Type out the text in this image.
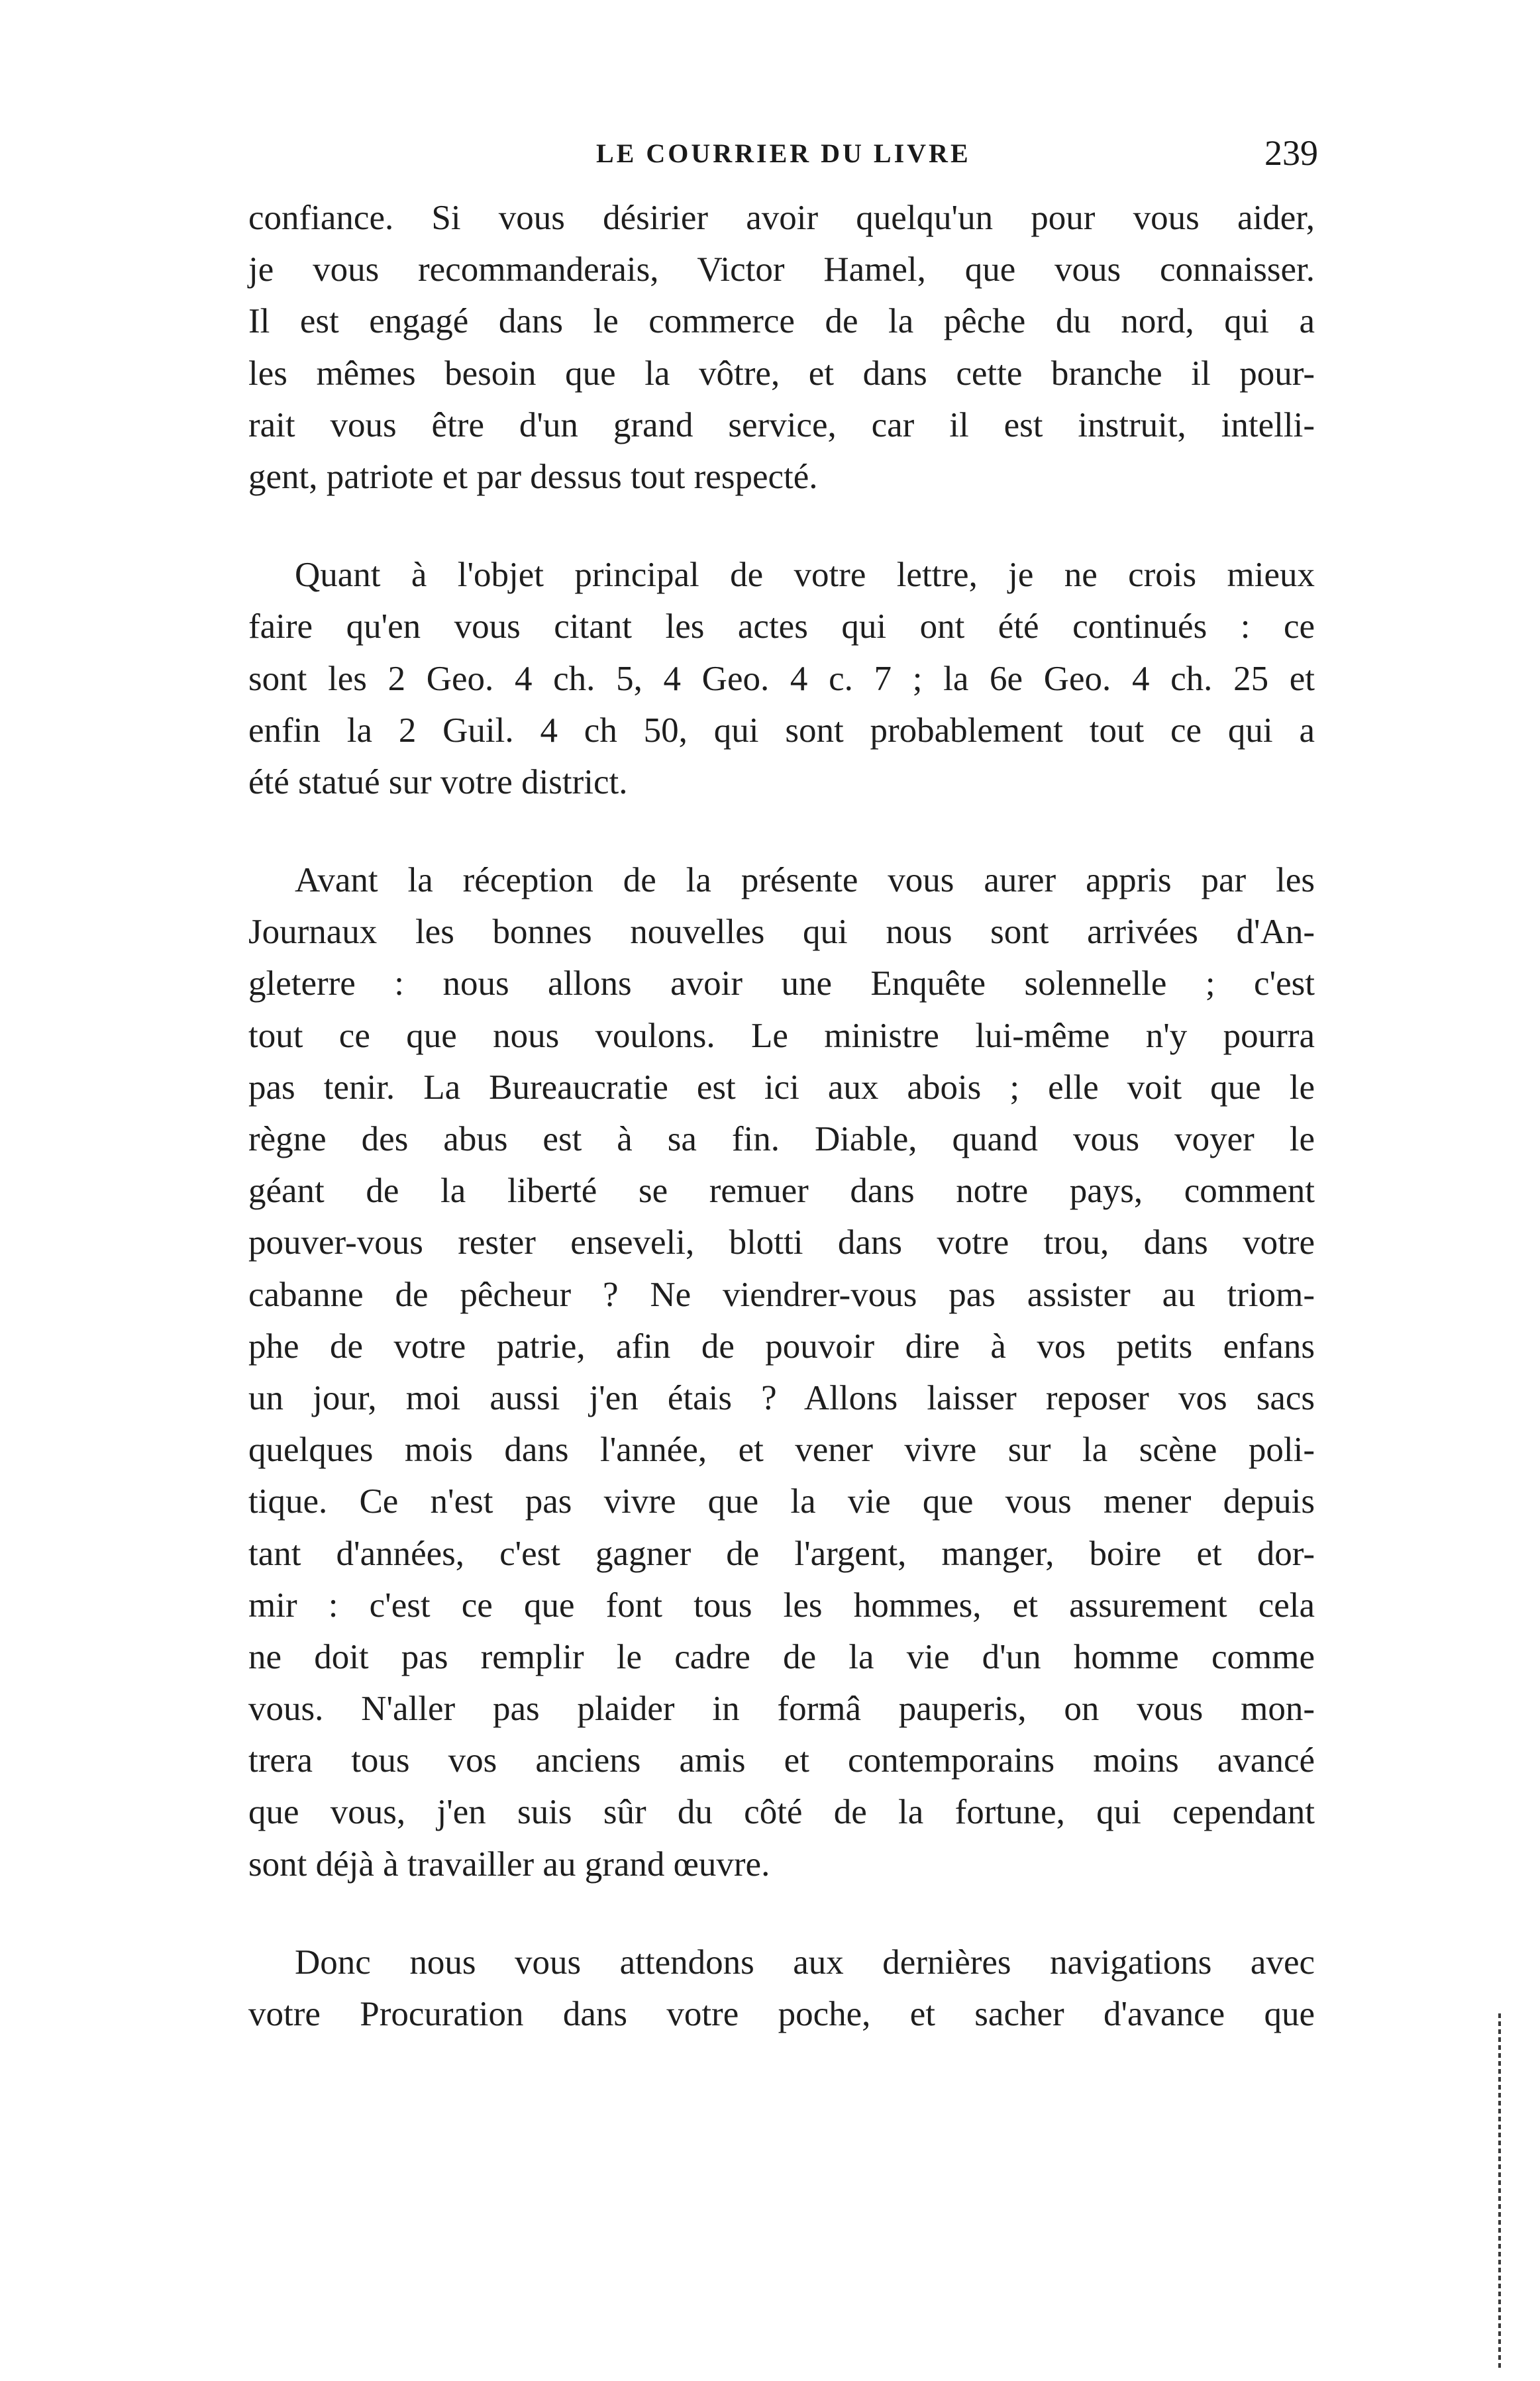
LE COURRIER DU LIVRE	239
confiance. Si vous désirier avoir quelqu'un pour vous aider,
je vous recommanderais, Victor Hamel, que vous connaisser.
Il est engagé dans le commerce de la pêche du nord, qui a
les mêmes besoin que la vôtre, et dans cette branche il pour-
rait vous être d'un grand service, car il est instruit, intelli-
gent, patriote et par dessus tout respecté.
Quant à l'objet principal de votre lettre, je ne crois mieux
faire qu'en vous citant les actes qui ont été continués : ce
sont les 2 Geo. 4 ch. 5, 4 Geo. 4 c. 7 ; la 6e Geo. 4 ch. 25 et
enfin la 2 Guil. 4 ch 50, qui sont probablement tout ce qui a
été statué sur votre district.
Avant la réception de la présente vous aurer appris par les
Journaux les bonnes nouvelles qui nous sont arrivées d'An-
gleterre : nous allons avoir une Enquête solennelle ; c'est
tout ce que nous voulons. Le ministre lui-même n'y pourra
pas tenir. La Bureaucratie est ici aux abois ; elle voit que le
règne des abus est à sa fin. Diable, quand vous voyer le
géant de la liberté se remuer dans notre pays, comment
pouver-vous rester enseveli, blotti dans votre trou, dans votre
cabanne de pêcheur ? Ne viendrer-vous pas assister au triom-
phe de votre patrie, afin de pouvoir dire à vos petits enfans
un jour, moi aussi j'en étais ? Allons laisser reposer vos sacs
quelques mois dans l'année, et vener vivre sur la scène poli-
tique. Ce n'est pas vivre que la vie que vous mener depuis
tant d'années, c'est gagner de l'argent, manger, boire et dor-
mir : c'est ce que font tous les hommes, et assurement cela
ne doit pas remplir le cadre de la vie d'un homme comme
vous. N'aller pas plaider in formâ pauperis, on vous mon-
trera tous vos anciens amis et contemporains moins avancé
que vous, j'en suis sûr du côté de la fortune, qui cependant
sont déjà à travailler au grand œuvre.
Donc nous vous attendons aux dernières navigations avec
votre Procuration dans votre poche, et sacher d'avance que
